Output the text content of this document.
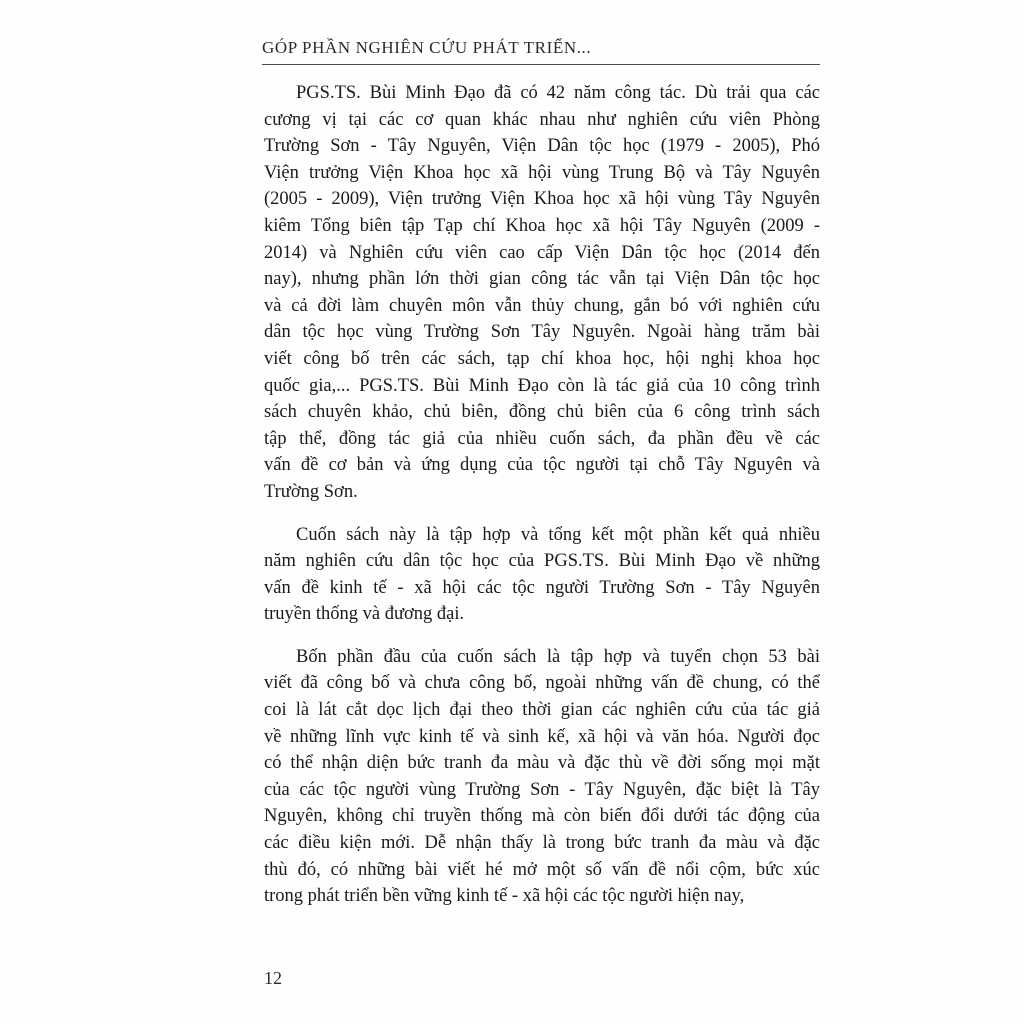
GÓP PHẦN NGHIÊN CỨU PHÁT TRIỂN...
PGS.TS. Bùi Minh Đạo đã có 42 năm công tác. Dù trải qua các
cương vị tại các cơ quan khác nhau như nghiên cứu viên Phòng
Trường Sơn - Tây Nguyên, Viện Dân tộc học (1979 - 2005), Phó
Viện trưởng Viện Khoa học xã hội vùng Trung Bộ và Tây Nguyên
(2005 - 2009), Viện trưởng Viện Khoa học xã hội vùng Tây Nguyên
kiêm Tổng biên tập Tạp chí Khoa học xã hội Tây Nguyên (2009 -
2014) và Nghiên cứu viên cao cấp Viện Dân tộc học (2014 đến
nay), nhưng phần lớn thời gian công tác vẫn tại Viện Dân tộc học
và cả đời làm chuyên môn vẫn thủy chung, gắn bó với nghiên cứu
dân tộc học vùng Trường Sơn Tây Nguyên. Ngoài hàng trăm bài
viết công bố trên các sách, tạp chí khoa học, hội nghị khoa học
quốc gia,... PGS.TS. Bùi Minh Đạo còn là tác giả của 10 công trình
sách chuyên khảo, chủ biên, đồng chủ biên của 6 công trình sách
tập thể, đồng tác giả của nhiều cuốn sách, đa phần đều về các
vấn đề cơ bản và ứng dụng của tộc người tại chỗ Tây Nguyên và
Trường Sơn.
Cuốn sách này là tập hợp và tổng kết một phần kết quả nhiều
năm nghiên cứu dân tộc học của PGS.TS. Bùi Minh Đạo về những
vấn đề kinh tế - xã hội các tộc người Trường Sơn - Tây Nguyên
truyền thống và đương đại.
Bốn phần đầu của cuốn sách là tập hợp và tuyển chọn 53 bài
viết đã công bố và chưa công bố, ngoài những vấn đề chung, có thể
coi là lát cắt dọc lịch đại theo thời gian các nghiên cứu của tác giả
về những lĩnh vực kinh tế và sinh kế, xã hội và văn hóa. Người đọc
có thể nhận diện bức tranh đa màu và đặc thù về đời sống mọi mặt
của các tộc người vùng Trường Sơn - Tây Nguyên, đặc biệt là Tây
Nguyên, không chỉ truyền thống mà còn biến đổi dưới tác động của
các điều kiện mới. Dễ nhận thấy là trong bức tranh đa màu và đặc
thù đó, có những bài viết hé mở một số vấn đề nổi cộm, bức xúc
trong phát triển bền vững kinh tế - xã hội các tộc người hiện nay,
12
